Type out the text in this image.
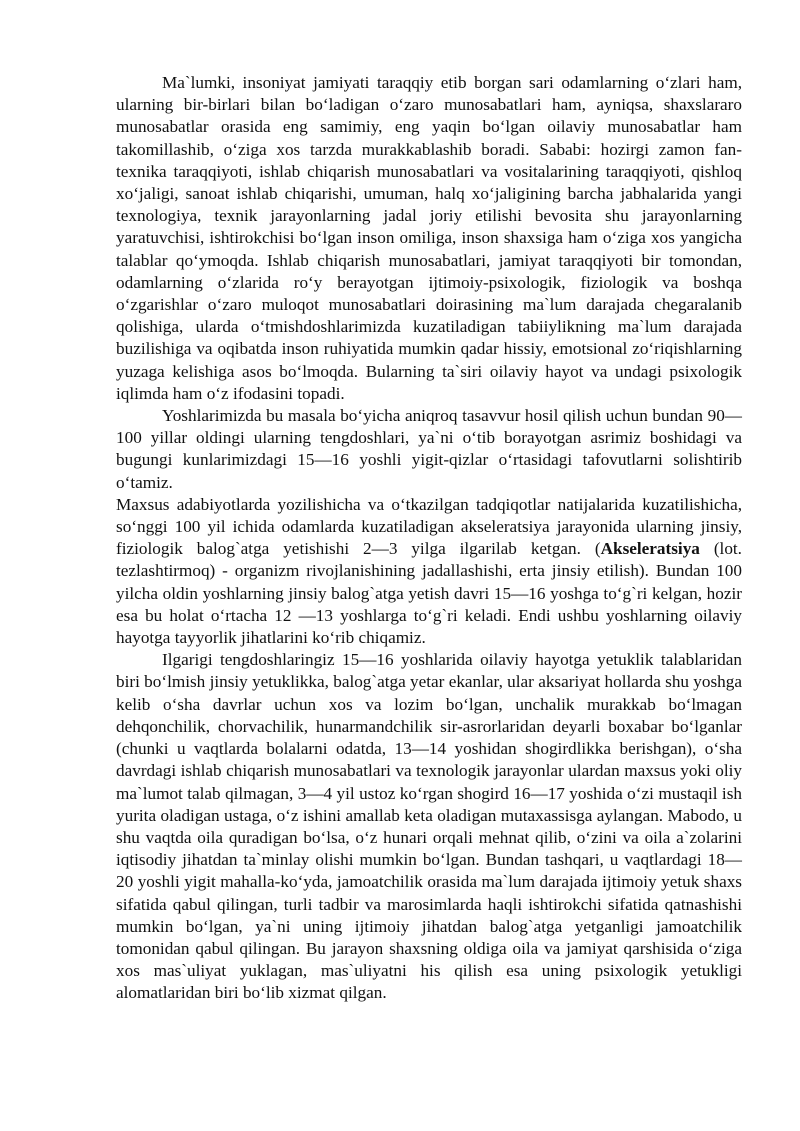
Ma`lumki, insoniyat jamiyati taraqqiy etib borgan sari odamlarning o‘zlari ham, ularning bir-birlari bilan bo‘ladigan o‘zaro munosabatlari ham, ayniqsa, shaxslararo munosabatlar orasida eng samimiy, eng yaqin bo‘lgan oilaviy munosabatlar ham takomillashib, o‘ziga xos tarzda murakkablashib boradi. Sababi: hozirgi zamon fan-texnika taraqqiyoti, ishlab chiqarish munosabatlari va vositalarining taraqqiyoti, qishloq xo‘jaligi, sanoat ishlab chiqarishi, umuman, halq xo‘jaligining barcha jabhalarida yangi texnologiya, texnik jarayonlarning jadal joriy etilishi bevosita shu jarayonlarning yaratuvchisi, ishtirokchisi bo‘lgan inson omiliga, inson shaxsiga ham o‘ziga xos yangicha talablar qo‘ymoqda. Ishlab chiqarish munosabatlari, jamiyat taraqqiyoti bir tomondan, odamlarning o‘zlarida ro‘y berayotgan ijtimoiy-psixologik, fiziologik va boshqa o‘zgarishlar o‘zaro muloqot munosabatlari doirasining ma`lum darajada chegaralanib qolishiga, ularda o‘tmishdoshlarimizda kuzatiladigan tabiiylikning ma`lum darajada buzilishiga va oqibatda inson ruhiyatida mumkin qadar hissiy, emotsional zo‘riqishlarning yuzaga kelishiga asos bo‘lmoqda. Bularning ta`siri oilaviy hayot va undagi psixologik iqlimda ham o‘z ifodasini topadi.

Yoshlarimizda bu masala bo‘yicha aniqroq tasavvur hosil qilish uchun bundan 90—100 yillar oldingi ularning tengdoshlari, ya`ni o‘tib borayotgan asrimiz boshidagi va bugungi kunlarimizdagi 15—16 yoshli yigit-qizlar o‘rtasidagi tafovutlarni solishtirib o‘tamiz.

Maxsus adabiyotlarda yozilishicha va o‘tkazilgan tadqiqotlar natijalarida kuzatilishicha, so‘nggi 100 yil ichida odamlarda kuzatiladigan akseleratsiya jarayonida ularning jinsiy, fiziologik balog`atga yetishishi 2—3 yilga ilgarilab ketgan. (Akseleratsiya (lot. tezlashtirmoq) - organizm rivojlanishining jadallashishi, erta jinsiy etilish). Bundan 100 yilcha oldin yoshlarning jinsiy balog`atga yetish davri 15—16 yoshga to‘g`ri kelgan, hozir esa bu holat o‘rtacha 12 —13 yoshlarga to‘g`ri keladi. Endi ushbu yoshlarning oilaviy hayotga tayyorlik jihatlarini ko‘rib chiqamiz.

Ilgarigi tengdoshlaringiz 15—16 yoshlarida oilaviy hayotga yetuklik talablaridan biri bo‘lmish jinsiy yetuklikka, balog`atga yetar ekanlar, ular aksariyat hollarda shu yoshga kelib o‘sha davrlar uchun xos va lozim bo‘lgan, unchalik murakkab bo‘lmagan dehqonchilik, chorvachilik, hunarmandchilik sir-asrorlaridan deyarli boxabar bo‘lganlar (chunki u vaqtlarda bolalarni odatda, 13—14 yoshidan shogirdlikka berishgan), o‘sha davrdagi ishlab chiqarish munosabatlari va texnologik jarayonlar ulardan maxsus yoki oliy ma`lumot talab qilmagan, 3—4 yil ustoz ko‘rgan shogird 16—17 yoshida o‘zi mustaqil ish yurita oladigan ustaga, o‘z ishini amallab keta oladigan mutaxassisga aylangan. Mabodo, u shu vaqtda oila quradigan bo‘lsa, o‘z hunari orqali mehnat qilib, o‘zini va oila a`zolarini iqtisodiy jihatdan ta`minlay olishi mumkin bo‘lgan. Bundan tashqari, u vaqtlardagi 18—20 yoshli yigit mahalla-ko‘yda, jamoatchilik orasida ma`lum darajada ijtimoiy yetuk shaxs sifatida qabul qilingan, turli tadbir va marosimlarda haqli ishtirokchi sifatida qatnashishi mumkin bo‘lgan, ya`ni uning ijtimoiy jihatdan balog`atga yetganligi jamoatchilik tomonidan qabul qilingan. Bu jarayon shaxsning oldiga oila va jamiyat qarshisida o‘ziga xos mas`uliyat yuklagan, mas`uliyatni his qilish esa uning psixologik yetukligi alomatlaridan biri bo‘lib xizmat qilgan.
